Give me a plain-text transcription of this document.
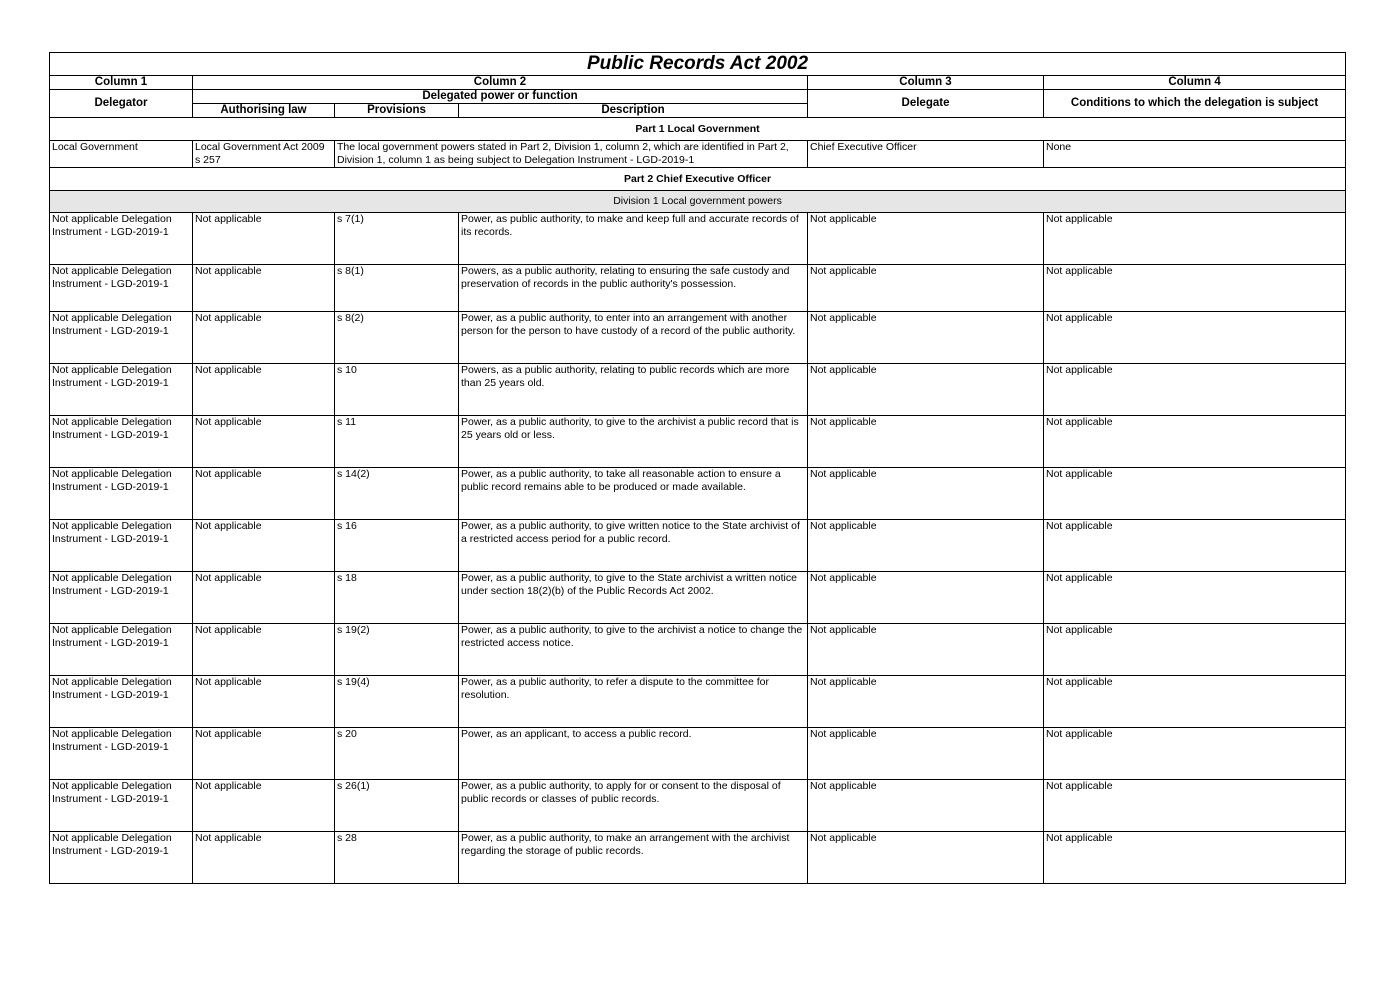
Public Records Act 2002					
Column 1	Column 2			Column 3	Column 4
Delegator	Delegated power or function			Delegate	Conditions to which the delegation is subject
	Authorising law	Provisions	Description		
Part 1 Local Government					
Local Government	Local Government Act 2009 s 257	The local government powers stated in Part 2, Division 1, column 2, which are identified in Part 2, Division 1, column 1 as being subject to Delegation Instrument - LGD-2019-1		Chief Executive Officer	None
Part 2 Chief Executive Officer					
Division 1 Local government powers					
Not applicable Delegation Instrument - LGD-2019-1	Not applicable	s 7(1)	Power, as public authority, to make and keep full and accurate records of its records.	Not applicable	Not applicable
Not applicable Delegation Instrument - LGD-2019-1	Not applicable	s 8(1)	Powers, as a public authority, relating to ensuring the safe custody and preservation of records in the public authority's possession.	Not applicable	Not applicable
Not applicable Delegation Instrument - LGD-2019-1	Not applicable	s 8(2)	Power, as a public authority, to enter into an arrangement with another person for the person to have custody of a record of the public authority.	Not applicable	Not applicable
Not applicable Delegation Instrument - LGD-2019-1	Not applicable	s 10	Powers, as a public authority, relating to public records which are more than 25 years old.	Not applicable	Not applicable
Not applicable Delegation Instrument - LGD-2019-1	Not applicable	s 11	Power, as a public authority, to give to the archivist a public record that is 25 years old or less.	Not applicable	Not applicable
Not applicable Delegation Instrument - LGD-2019-1	Not applicable	s 14(2)	Power, as a public authority, to take all reasonable action to ensure a public record remains able to be produced or made available.	Not applicable	Not applicable
Not applicable Delegation Instrument - LGD-2019-1	Not applicable	s 16	Power, as a public authority, to give written notice to the State archivist of a restricted access period for a public record.	Not applicable	Not applicable
Not applicable Delegation Instrument - LGD-2019-1	Not applicable	s 18	Power, as a public authority, to give to the State archivist a written notice under section 18(2)(b) of the Public Records Act 2002.	Not applicable	Not applicable
Not applicable Delegation Instrument - LGD-2019-1	Not applicable	s 19(2)	Power, as a public authority, to give to the archivist a notice to change the restricted access notice.	Not applicable	Not applicable
Not applicable Delegation Instrument - LGD-2019-1	Not applicable	s 19(4)	Power, as a public authority, to refer a dispute to the committee for resolution.	Not applicable	Not applicable
Not applicable Delegation Instrument - LGD-2019-1	Not applicable	s 20	Power, as an applicant, to access a public record.	Not applicable	Not applicable
Not applicable Delegation Instrument - LGD-2019-1	Not applicable	s 26(1)	Power, as a public authority, to apply for or consent to the disposal of public records or classes of public records.	Not applicable	Not applicable
Not applicable Delegation Instrument - LGD-2019-1	Not applicable	s 28	Power, as a public authority, to make an arrangement with the archivist regarding the storage of public records.	Not applicable	Not applicable
